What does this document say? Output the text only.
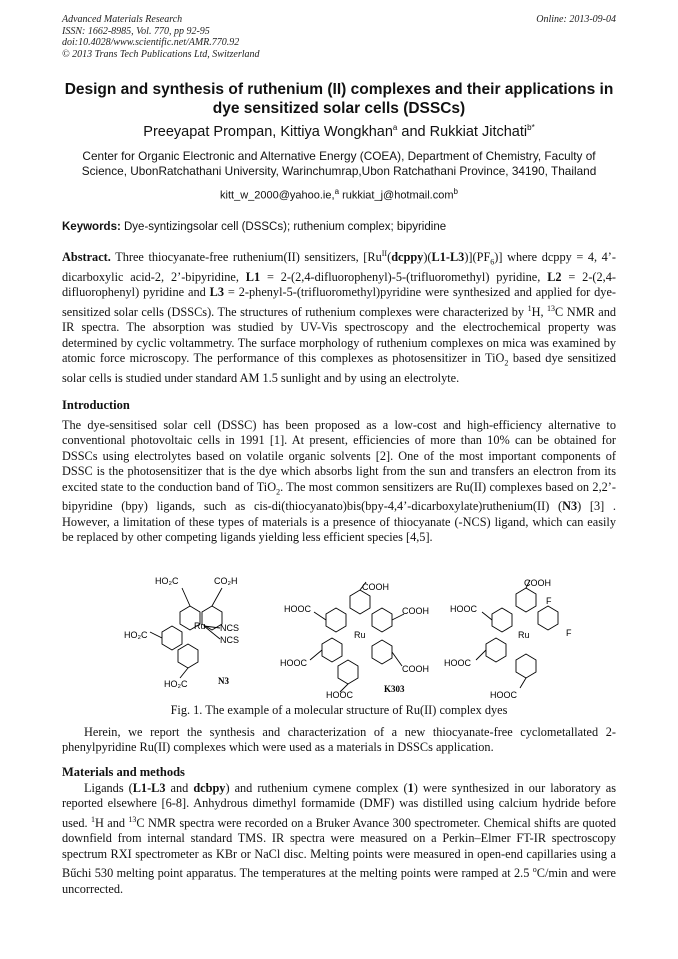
Advanced Materials Research
ISSN: 1662-8985, Vol. 770, pp 92-95
doi:10.4028/www.scientific.net/AMR.770.92
© 2013 Trans Tech Publications Ltd, Switzerland
Online: 2013-09-04
Design and synthesis of ruthenium (II) complexes and their applications in dye sensitized solar cells (DSSCs)
Preeyapat Prompan, Kittiya Wongkhan$^a$ and Rukkiat Jitchati$^{b*}$
Center for Organic Electronic and Alternative Energy (COEA), Department of Chemistry, Faculty of Science, UbonRatchathani University, Warinchumrap,Ubon Ratchathani Province, 34190, Thailand
kitt_w_2000@yahoo.ie,$^a$ rukkiat_j@hotmail.com$^b$
Keywords: Dye-syntizingsolar cell (DSSCs); ruthenium complex; bipyridine
Abstract. Three thiocyanate-free ruthenium(II) sensitizers, $[Ru^{II}(dcppy)(L1-L3)](PF_6)$] where dcppy = 4, 4’-dicarboxylic acid-2, 2’-bipyridine, L1 = 2-(2,4-difluorophenyl)-5-(trifluoromethyl) pyridine, L2 = 2-(2,4-difluorophenyl) pyridine and L3 = 2-phenyl-5-(trifluoromethyl)pyridine were synthesized and applied for dye-sensitized solar cells (DSSCs). The structures of ruthenium complexes were characterized by $^1$H, $^{13}$C NMR and IR spectra. The absorption was studied by UV-Vis spectroscopy and the electrochemical property was determined by cyclic voltammetry. The surface morphology of ruthenium complexes on mica was examined by atomic force microscopy. The performance of this complexes as photosensitizer in TiO$_2$ based dye sensitized solar cells is studied under standard AM 1.5 sunlight and by using an electrolyte.
Introduction
The dye-sensitised solar cell (DSSC) has been proposed as a low-cost and high-efficiency alternative to conventional photovoltaic cells in 1991 [1]. At present, efficiencies of more than 10% can be obtained for DSSCs using electrolytes based on volatile organic solvents [2]. One of the most important components of DSSC is the photosensitizer that is the dye which absorbs light from the sun and transfers an electron from its excited state to the conduction band of TiO$_2$. The most common sensitizers are Ru(II) complexes based on 2,2’-bipyridine (bpy) ligands, such as cis-di(thiocyanato)bis(bpy-4,4’-dicarboxylate)ruthenium(II) (N3) [3] . However, a limitation of these types of materials is a presence of thiocyanate (-NCS) ligand, which can easily be replaced by other competing ligands yielding less efficient species [4,5].
HO₂C	CO₂H
HO₂C
HO₂C
Ru NCS
NCS
N3
COOH
HOOC	COOH
HOOC
COOH
HOOC
Ru
K303
COOH
HOOC
HOOC
HOOC
F
F
Ru
Fig. 1. The example of a molecular structure of Ru(II) complex dyes
Herein, we report the synthesis and characterization of a new thiocyanate-free cyclometallated 2-phenylpyridine Ru(II) complexes which were used as a materials in DSSCs application.
Materials and methods
Ligands (L1-L3 and dcbpy) and ruthenium cymene complex (1) were synthesized in our laboratory as reported elsewhere [6-8]. Anhydrous dimethyl formamide (DMF) was distilled using calcium hydride before used. $^1$H and $^{13}$C NMR spectra were recorded on a Bruker Avance 300 spectrometer. Chemical shifts are quoted downfield from internal standard TMS. IR spectra were measured on a Perkin–Elmer FT-IR spectroscopy spectrum RXI spectrometer as KBr or NaCl disc. Melting points were measured in open-end capillaries using a Bűchi 530 melting point apparatus. The temperatures at the melting points were ramped at 2.5 $^o$C/min and were uncorrected.
